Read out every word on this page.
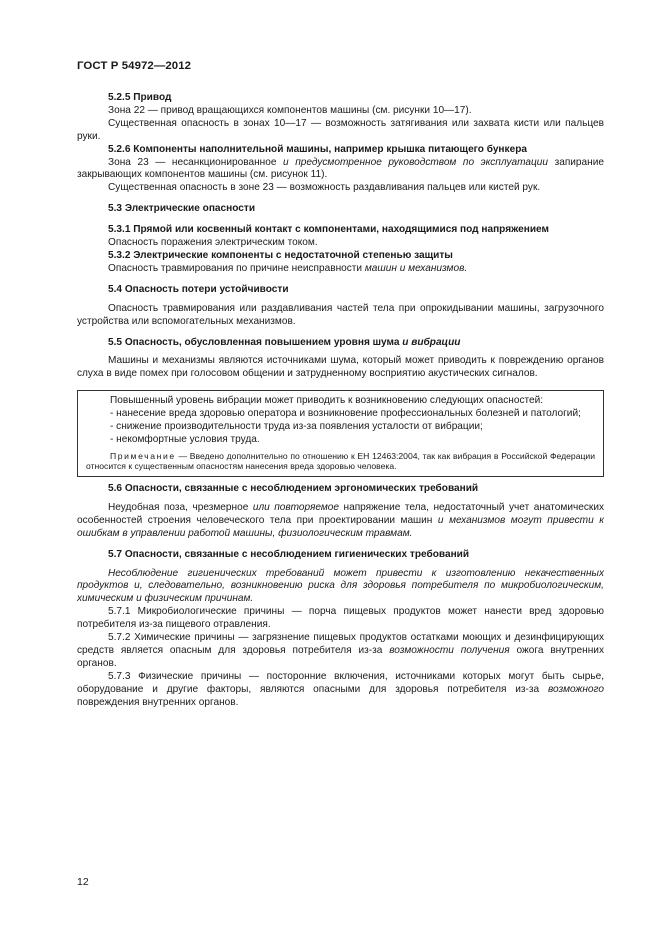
ГОСТ Р 54972—2012

5.2.5 Привод

Зона 22 — привод вращающихся компонентов машины (см. рисунки 10—17).

Существенная опасность в зонах 10—17 — возможность затягивания или захвата кисти или пальцев руки.

5.2.6 Компоненты наполнительной машины, например крышка питающего бункера

Зона 23 — несанкционированное и предусмотренное руководством по эксплуатации запирание закрывающих компонентов машины (см. рисунок 11).

Существенная опасность в зоне 23 — возможность раздавливания пальцев или кистей рук.

5.3 Электрические опасности

5.3.1 Прямой или косвенный контакт с компонентами, находящимися под напряжением

Опасность поражения электрическим током.

5.3.2 Электрические компоненты с недостаточной степенью защиты

Опасность травмирования по причине неисправности машин и механизмов.

5.4 Опасность потери устойчивости

Опасность травмирования или раздавливания частей тела при опрокидывании машины, загрузочного устройства или вспомогательных механизмов.

5.5 Опасность, обусловленная повышением уровня шума и вибрации

Машины и механизмы являются источниками шума, который может приводить к повреждению органов слуха в виде помех при голосовом общении и затрудненному восприятию акустических сигналов.

Повышенный уровень вибрации может приводить к возникновению следующих опасностей:

- нанесение вреда здоровью оператора и возникновение профессиональных болезней и патологий;

- снижение производительности труда из-за появления усталости от вибрации;

- некомфортные условия труда.

Примечание — Введено дополнительно по отношению к ЕН 12463:2004, так как вибрация в Российской Федерации относится к существенным опасностям нанесения вреда здоровью человека.

5.6 Опасности, связанные с несоблюдением эргономических требований

Неудобная поза, чрезмерное или повторяемое напряжение тела, недостаточный учет анатомических особенностей строения человеческого тела при проектировании машин и механизмов могут привести к ошибкам в управлении работой машины, физиологическим травмам.

5.7 Опасности, связанные с несоблюдением гигиенических требований

Несоблюдение гигиенических требований может привести к изготовлению некачественных продуктов и, следовательно, возникновению риска для здоровья потребителя по микробиологическим, химическим и физическим причинам.

5.7.1 Микробиологические причины — порча пищевых продуктов может нанести вред здоровью потребителя из-за пищевого отравления.

5.7.2 Химические причины — загрязнение пищевых продуктов остатками моющих и дезинфицирующих средств является опасным для здоровья потребителя из-за возможности получения ожога внутренних органов.

5.7.3 Физические причины — посторонние включения, источниками которых могут быть сырье, оборудование и другие факторы, являются опасными для здоровья потребителя из-за возможного повреждения внутренних органов.

12
